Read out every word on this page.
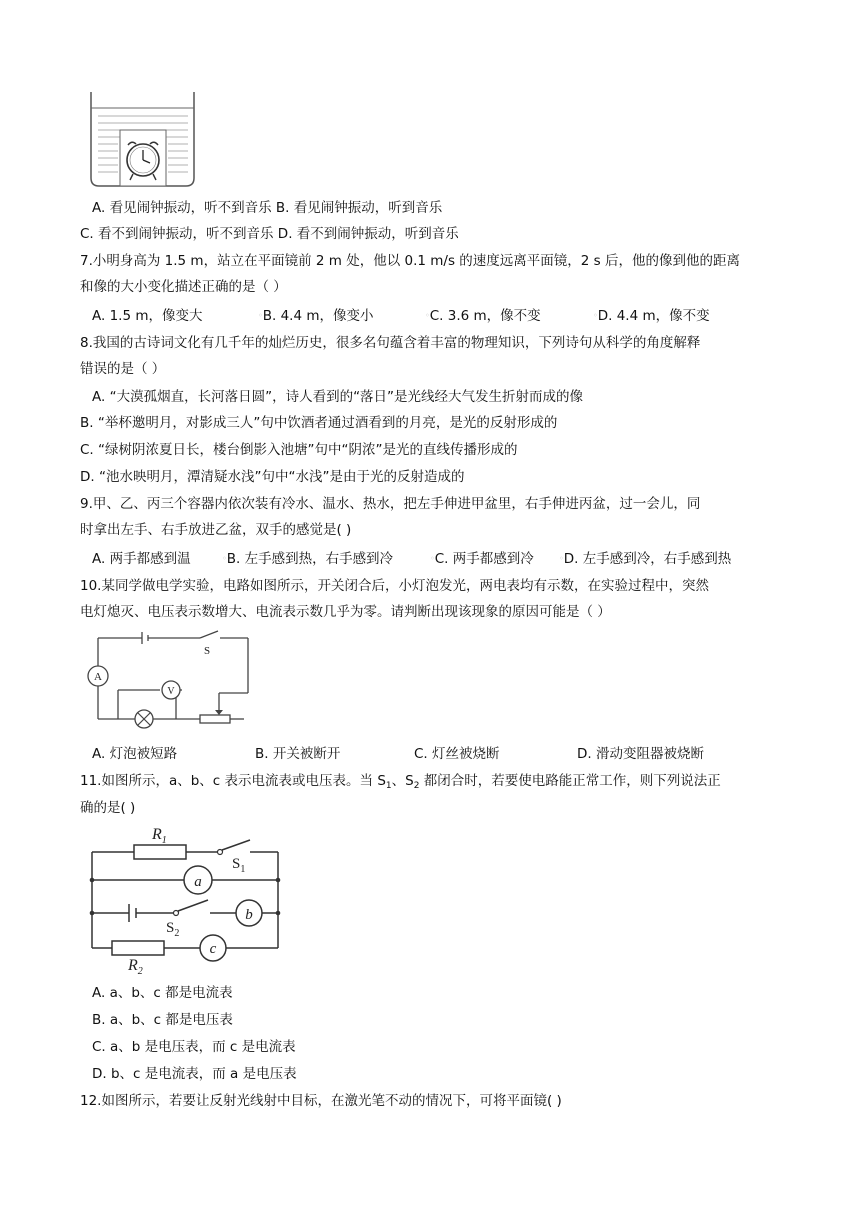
A. 看见闹钟振动，听不到音乐 B. 看见闹钟振动，听到音乐
C. 看不到闹钟振动，听不到音乐 D. 看不到闹钟振动，听到音乐
7.小明身高为 1.5 m，站立在平面镜前 2 m 处，他以 0.1 m/s 的速度远离平面镜，2 s 后，他的像到他的距离
和像的大小变化描述正确的是（ ）
A. 1.5 m，像变大	◦B. 4.4 m，像变小	◦C. 3.6 m，像不变	◦D. 4.4 m，像不变
8.我国的古诗词文化有几千年的灿烂历史，很多名句蕴含着丰富的物理知识，下列诗句从科学的角度解释
错误的是（ ）
A. “大漠孤烟直，长河落日圆”，诗人看到的“落日”是光线经大气发生折射而成的像
B. “举杯邀明月，对影成三人”句中饮酒者通过酒看到的月亮，是光的反射形成的
C. “绿树阴浓夏日长，楼台倒影入池塘”句中“阴浓”是光的直线传播形成的
D. “池水映明月，潭清疑水浅”句中“水浅”是由于光的反射造成的
9.甲、乙、丙三个容器内依次装有冷水、温水、热水，把左手伸进甲盆里，右手伸进丙盆，过一会儿，同
时拿出左手、右手放进乙盆，双手的感觉是( )
A. 两手都感到温	◦B. 左手感到热，右手感到冷	◦C. 两手都感到冷	◦D. 左手感到冷，右手感到热
10.某同学做电学实验，电路如图所示，开关闭合后，小灯泡发光，两电表均有示数，在实验过程中，突然
电灯熄灭、电压表示数增大、电流表示数几乎为零。请判断出现该现象的原因可能是（ ）
A
V
S
A. 灯泡被短路	B. 开关被断开	C. 灯丝被烧断	D. 滑动变阻器被烧断
11.如图所示，a、b、c 表示电流表或电压表。当 $S_1$、$S_2$ 都闭合时，若要使电路能正常工作，则下列说法正
确的是( )
a
b
c
$R_1$
$S_1$
$S_2$
$R_2$
A. a、b、c 都是电流表
B. a、b、c 都是电压表
C. a、b 是电压表，而 c 是电流表
D. b、c 是电流表，而 a 是电压表
12.如图所示，若要让反射光线射中目标，在激光笔不动的情况下，可将平面镜( )
